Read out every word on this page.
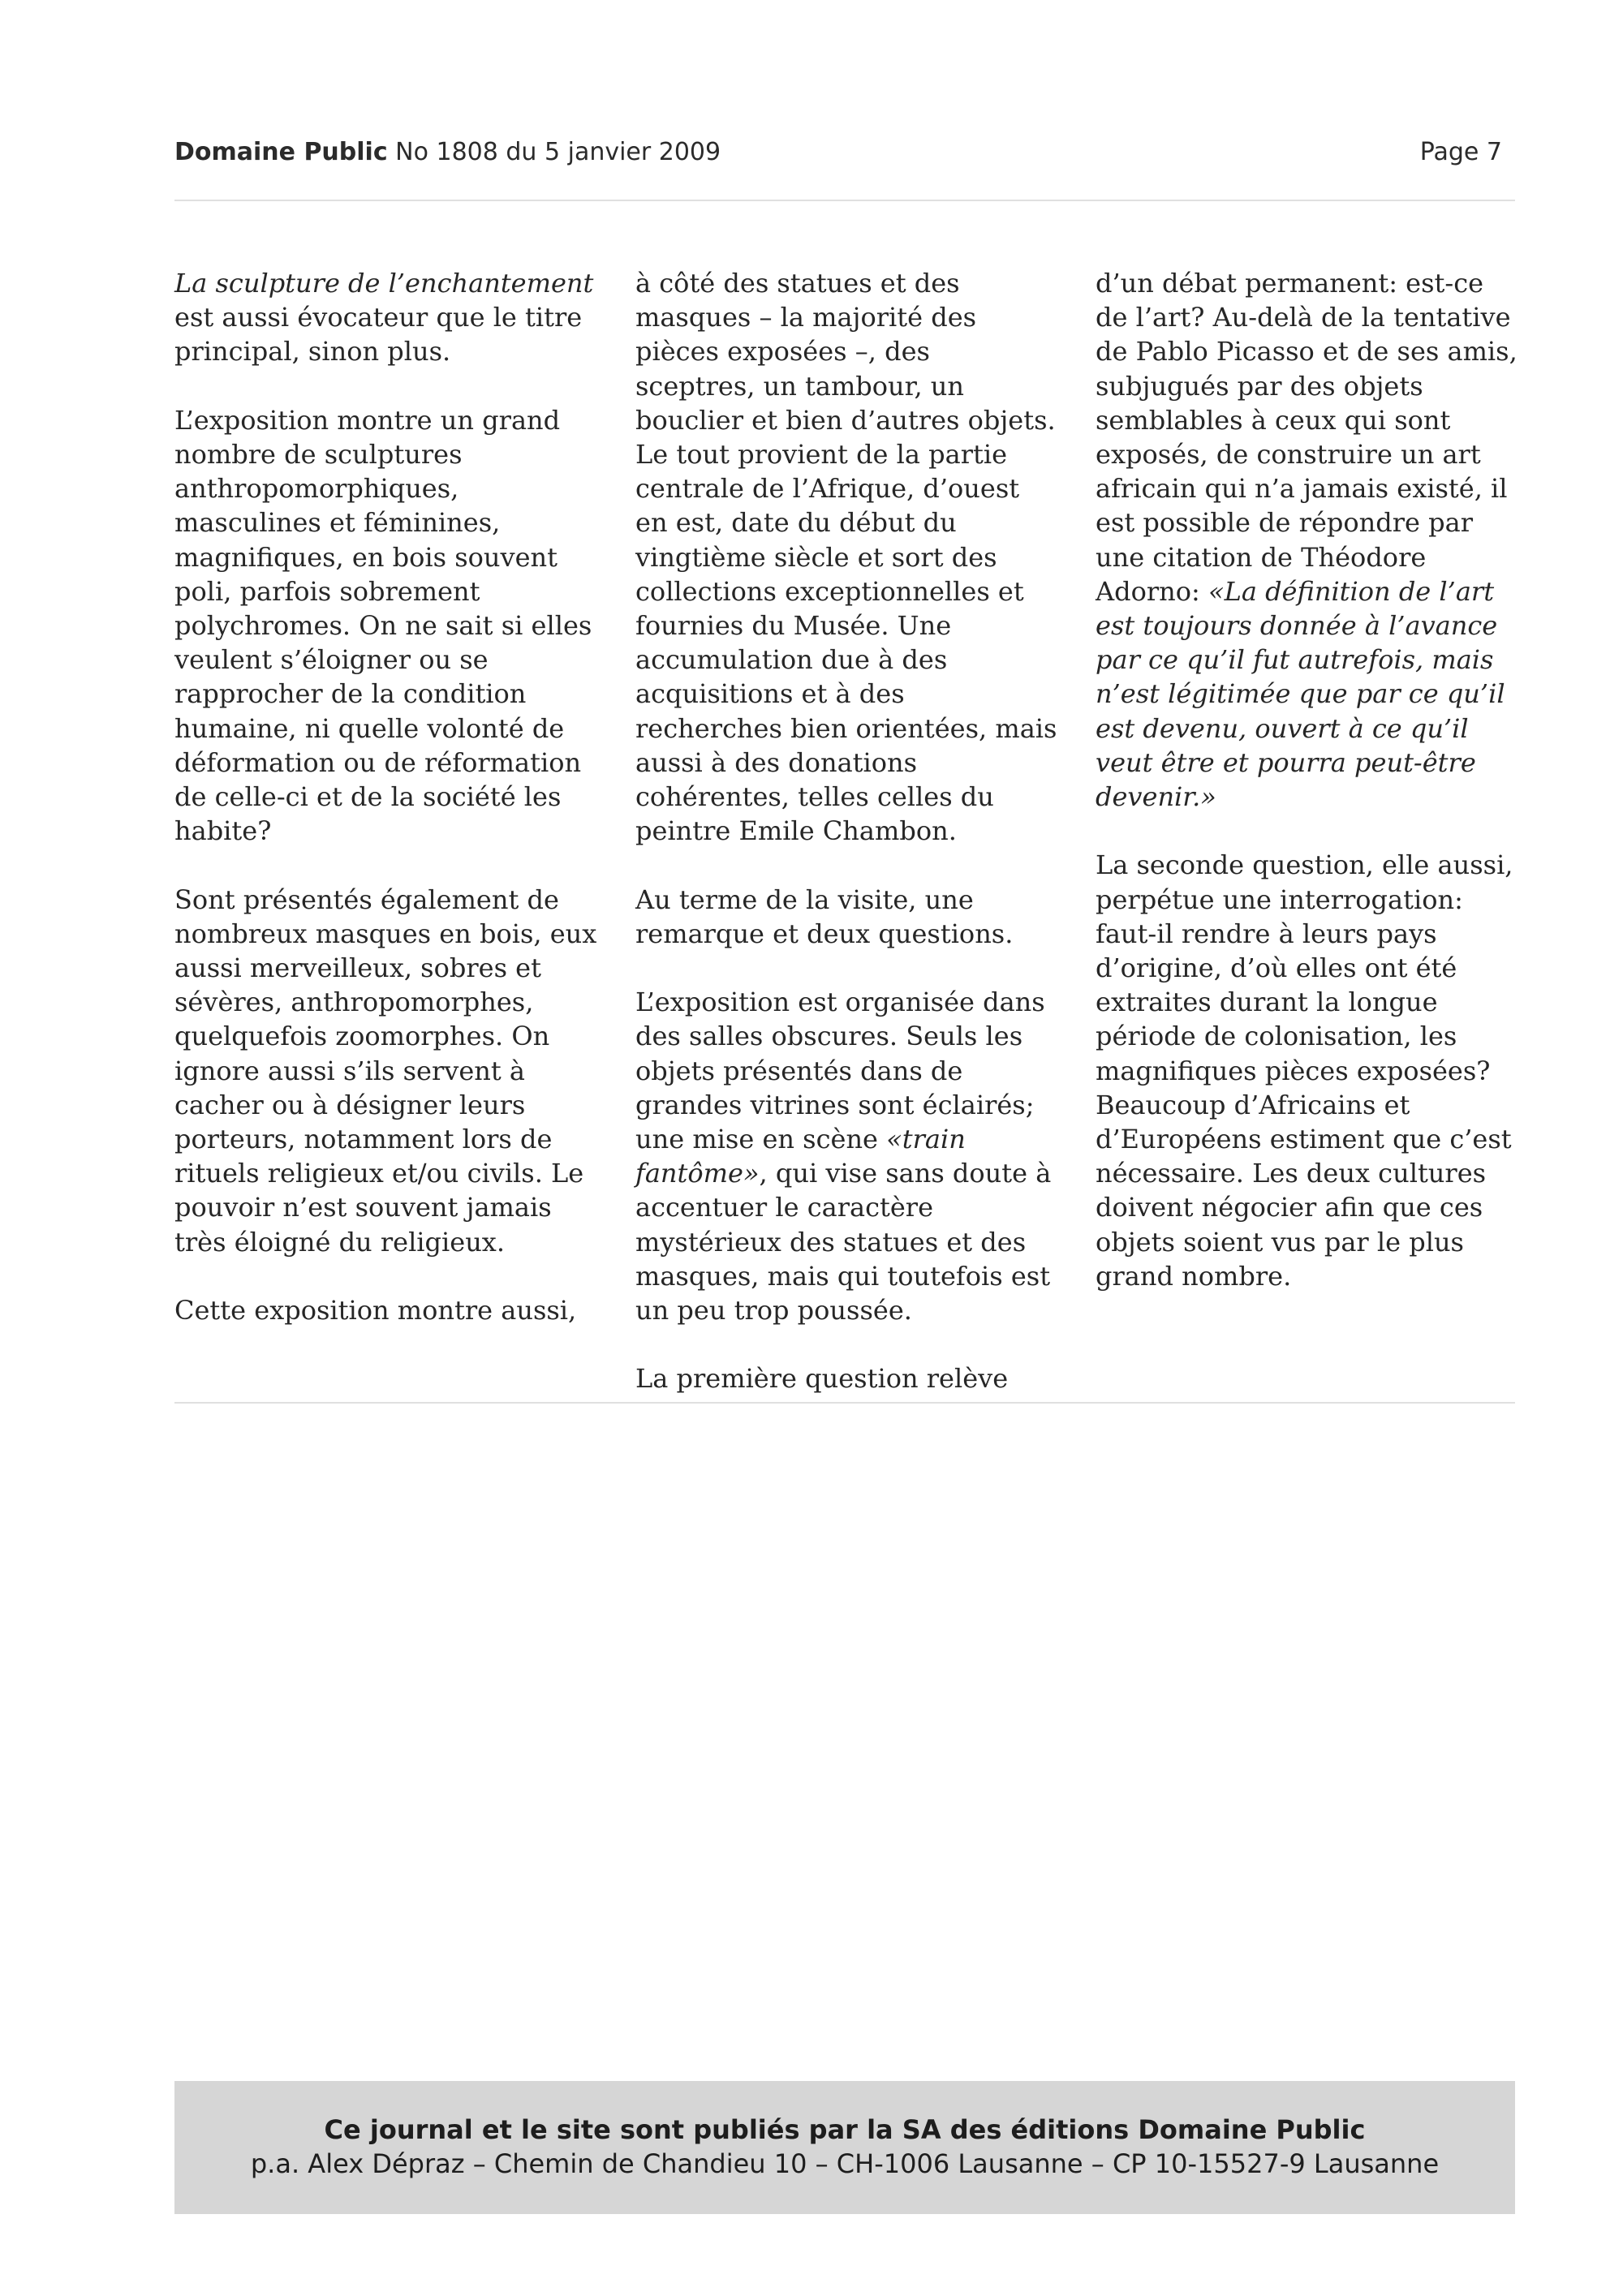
Domaine Public No 1808 du 5 janvier 2009	Page 7

La sculpture de l’enchantement est aussi évocateur que le titre principal, sinon plus.

L’exposition montre un grand nombre de sculptures anthropomorphiques, masculines et féminines, magnifiques, en bois souvent poli, parfois sobrement polychromes. On ne sait si elles veulent s’éloigner ou se rapprocher de la condition humaine, ni quelle volonté de déformation ou de réformation de celle-ci et de la société les habite?

Sont présentés également de nombreux masques en bois, eux aussi merveilleux, sobres et sévères, anthropomorphes, quelquefois zoomorphes. On ignore aussi s’ils servent à cacher ou à désigner leurs porteurs, notamment lors de rituels religieux et/ou civils. Le pouvoir n’est souvent jamais très éloigné du religieux.

Cette exposition montre aussi,

à côté des statues et des masques – la majorité des pièces exposées –, des sceptres, un tambour, un bouclier et bien d’autres objets. Le tout provient de la partie centrale de l’Afrique, d’ouest en est, date du début du vingtième siècle et sort des collections exceptionnelles et fournies du Musée. Une accumulation due à des acquisitions et à des recherches bien orientées, mais aussi à des donations cohérentes, telles celles du peintre Emile Chambon.

Au terme de la visite, une remarque et deux questions.

L’exposition est organisée dans des salles obscures. Seuls les objets présentés dans de grandes vitrines sont éclairés; une mise en scène «train fantôme», qui vise sans doute à accentuer le caractère mystérieux des statues et des masques, mais qui toutefois est un peu trop poussée.

La première question relève

d’un débat permanent: est-ce de l’art? Au-delà de la tentative de Pablo Picasso et de ses amis, subjugués par des objets semblables à ceux qui sont exposés, de construire un art africain qui n’a jamais existé, il est possible de répondre par une citation de Théodore Adorno: «La définition de l’art est toujours donnée à l’avance par ce qu’il fut autrefois, mais n’est légitimée que par ce qu’il est devenu, ouvert à ce qu’il veut être et pourra peut-être devenir.»

La seconde question, elle aussi, perpétue une interrogation: faut-il rendre à leurs pays d’origine, d’où elles ont été extraites durant la longue période de colonisation, les magnifiques pièces exposées? Beaucoup d’Africains et d’Européens estiment que c’est nécessaire. Les deux cultures doivent négocier afin que ces objets soient vus par le plus grand nombre.

Ce journal et le site sont publiés par la SA des éditions Domaine Public
p.a. Alex Dépraz – Chemin de Chandieu 10 – CH-1006 Lausanne – CP 10-15527-9 Lausanne
